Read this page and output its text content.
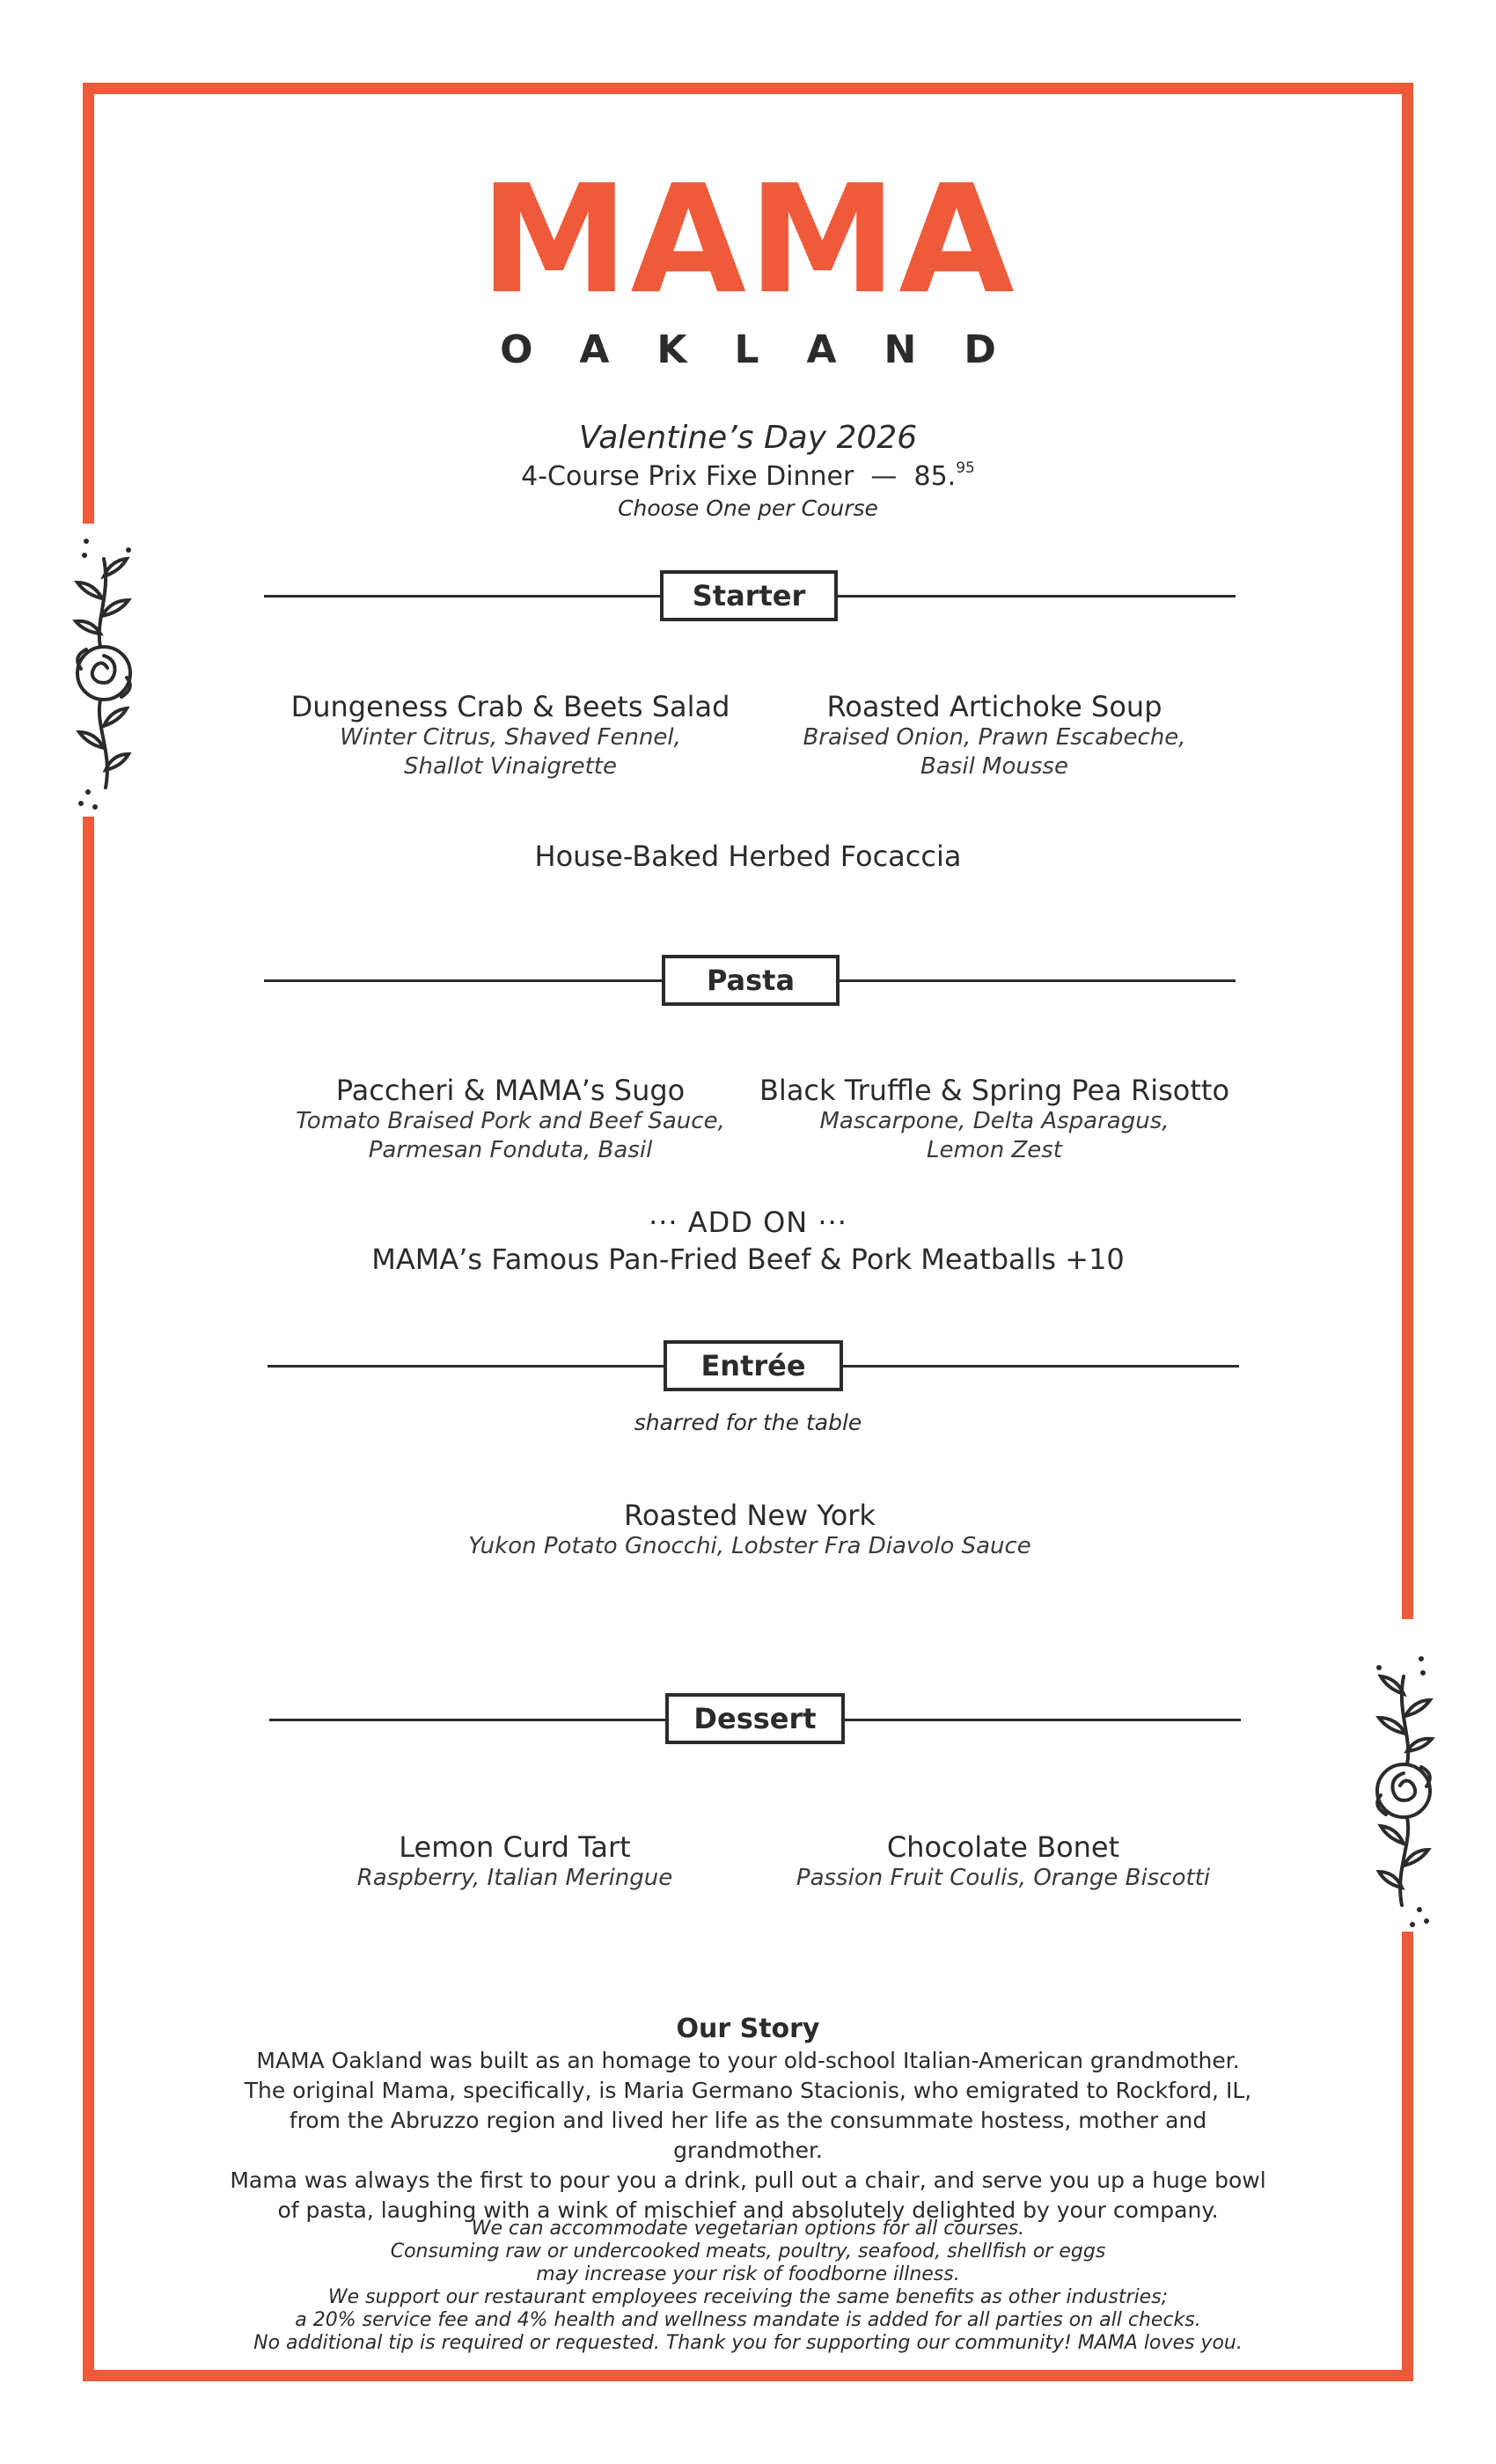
MAMA
OAKLAND
Valentine’s Day 2026
4-Course Prix Fixe Dinner  —  85.95
Choose One per Course
Starter
Dungeness Crab & Beets Salad
Winter Citrus, Shaved Fennel,
Shallot Vinaigrette
Roasted Artichoke Soup
Braised Onion, Prawn Escabeche,
Basil Mousse
House-Baked Herbed Focaccia
Pasta
Paccheri & MAMA’s Sugo
Tomato Braised Pork and Beef Sauce,
Parmesan Fonduta, Basil
Black Truffle & Spring Pea Risotto
Mascarpone, Delta Asparagus,
Lemon Zest
··· ADD ON ···
MAMA’s Famous Pan-Fried Beef & Pork Meatballs +10
Entrée
sharred for the table
Roasted New York
Yukon Potato Gnocchi, Lobster Fra Diavolo Sauce
Dessert
Lemon Curd Tart
Raspberry, Italian Meringue
Chocolate Bonet
Passion Fruit Coulis, Orange Biscotti
Our Story
MAMA Oakland was built as an homage to your old-school Italian-American grandmother.
The original Mama, specifically, is Maria Germano Stacionis, who emigrated to Rockford, IL,
from the Abruzzo region and lived her life as the consummate hostess, mother and grandmother.
Mama was always the first to pour you a drink, pull out a chair, and serve you up a huge bowl
of pasta, laughing with a wink of mischief and absolutely delighted by your company.
We can accommodate vegetarian options for all courses.
Consuming raw or undercooked meats, poultry, seafood, shellfish or eggs
may increase your risk of foodborne illness.
We support our restaurant employees receiving the same benefits as other industries;
a 20% service fee and 4% health and wellness mandate is added for all parties on all checks.
No additional tip is required or requested. Thank you for supporting our community! MAMA loves you.
